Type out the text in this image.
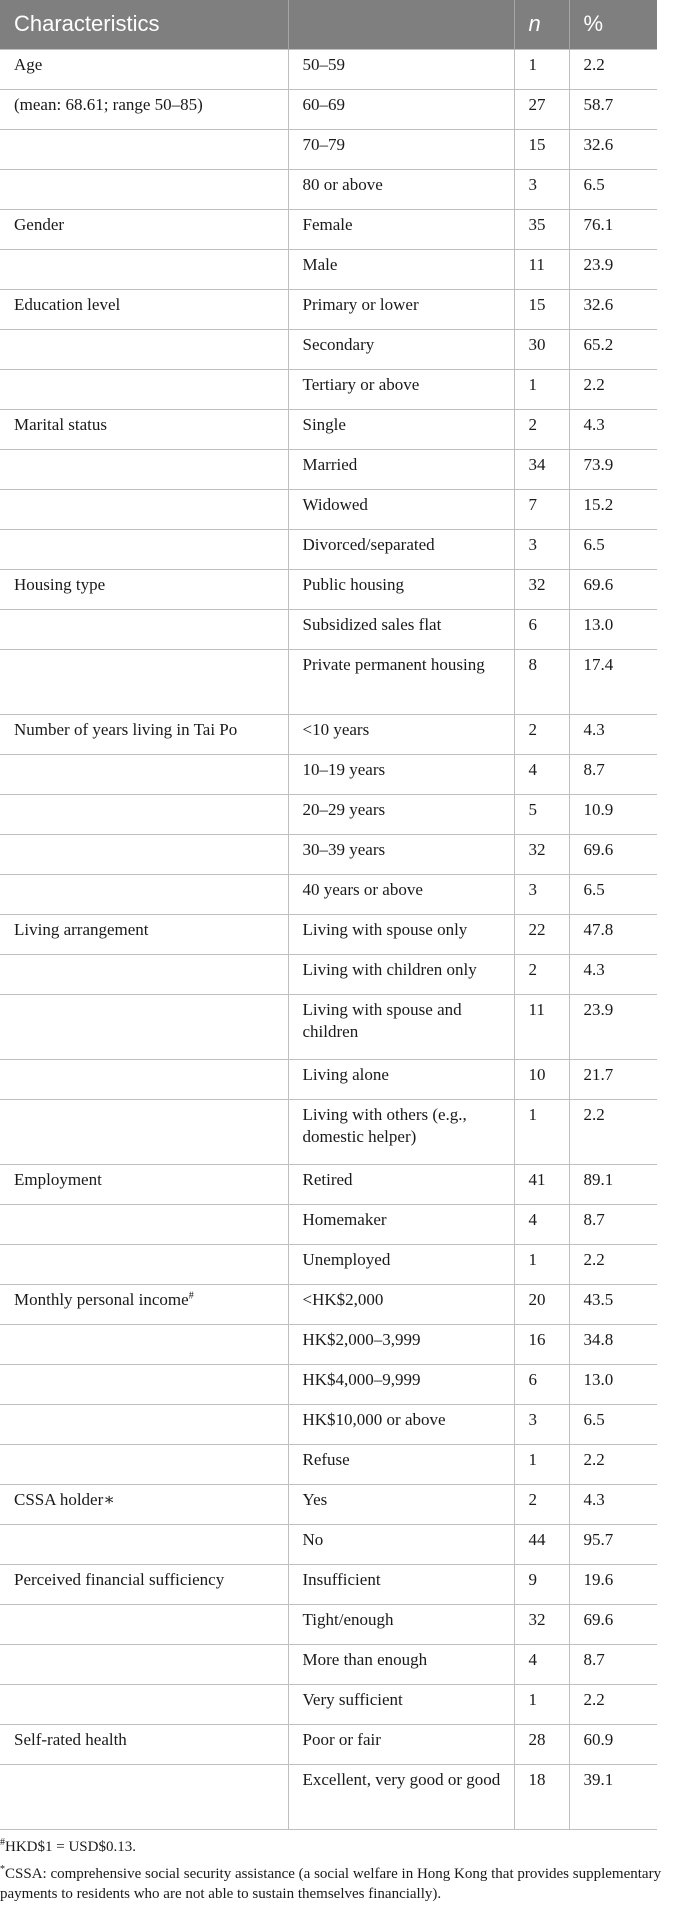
Characteristics		n	%
Age	50–59	1	2.2
(mean: 68.61; range 50–85)	60–69	27	58.7
	70–79	15	32.6
	80 or above	3	6.5
Gender	Female	35	76.1
	Male	11	23.9
Education level	Primary or lower	15	32.6
	Secondary	30	65.2
	Tertiary or above	1	2.2
Marital status	Single	2	4.3
	Married	34	73.9
	Widowed	7	15.2
	Divorced/separated	3	6.5
Housing type	Public housing	32	69.6
	Subsidized sales flat	6	13.0
	Private permanent housing	8	17.4
Number of years living in Tai Po	<10 years	2	4.3
	10–19 years	4	8.7
	20–29 years	5	10.9
	30–39 years	32	69.6
	40 years or above	3	6.5
Living arrangement	Living with spouse only	22	47.8
	Living with children only	2	4.3
	Living with spouse and children	11	23.9
	Living alone	10	21.7
	Living with others (e.g., domestic helper)	1	2.2
Employment	Retired	41	89.1
	Homemaker	4	8.7
	Unemployed	1	2.2
Monthly personal income#	<HK$2,000	20	43.5
	HK$2,000–3,999	16	34.8
	HK$4,000–9,999	6	13.0
	HK$10,000 or above	3	6.5
	Refuse	1	2.2
CSSA holder∗	Yes	2	4.3
	No	44	95.7
Perceived financial sufficiency	Insufficient	9	19.6
	Tight/enough	32	69.6
	More than enough	4	8.7
	Very sufficient	1	2.2
Self-rated health	Poor or fair	28	60.9
	Excellent, very good or good	18	39.1
#HKD$1 = USD$0.13.
*CSSA: comprehensive social security assistance (a social welfare in Hong Kong that provides supplementary payments to residents who are not able to sustain themselves financially).
